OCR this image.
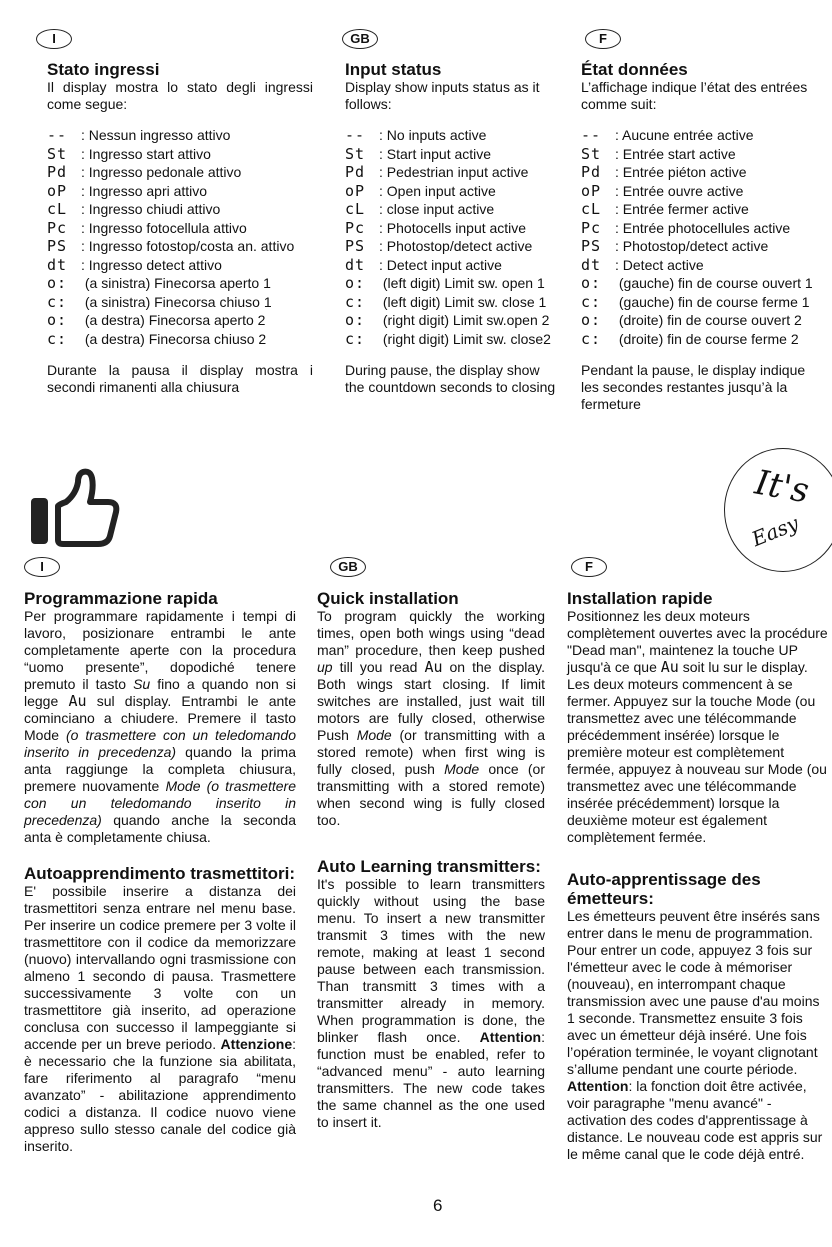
I

Stato ingressi

Il display mostra lo stato degli ingressi come segue:

-- : Nessun ingresso attivo
St : Ingresso start attivo
Pd : Ingresso pedonale attivo
oP : Ingresso apri attivo
cL : Ingresso chiudi attivo
Pc : Ingresso fotocellula attivo
PS : Ingresso fotostop/costa an. attivo
dt : Ingresso detect attivo
o: (a sinistra) Finecorsa aperto 1
c: (a sinistra) Finecorsa chiuso 1
o: (a destra) Finecorsa aperto 2
c: (a destra) Finecorsa chiuso 2

Durante la pausa il display mostra i secondi rimanenti alla chiusura

GB

Input status

Display show inputs status as it follows:

-- : No inputs active
St : Start input active
Pd : Pedestrian input active
oP : Open input active
cL : close input active
Pc : Photocells input active
PS : Photostop/detect active
dt : Detect input active
o: (left digit) Limit sw. open 1
c: (left digit) Limit sw. close 1
o: (right digit) Limit sw.open 2
c: (right digit) Limit sw. close2

During pause, the display show the countdown seconds to closing

F

État données

L’affichage indique l’état des entrées comme suit:

-- : Aucune entrée active
St : Entrée start active
Pd : Entrée piéton active
oP : Entrée ouvre active
cL : Entrée fermer active
Pc : Entrée photocellules active
PS : Photostop/detect active
dt : Detect active
o: (gauche) fin de course ouvert 1
c: (gauche) fin de course ferme 1
o: (droite) fin de course ouvert 2
c: (droite) fin de course ferme 2

Pendant la pause, le display indique les secondes restantes jusqu’à la fermeture

It's
Easy
I

Programmazione rapida

Per programmare rapidamente i tempi di lavoro, posizionare entrambi le ante completamente aperte con la procedura “uomo presente”, dopodiché tenere premuto il tasto Su fino a quando non si legge Au sul display. Entrambi le ante cominciano a chiudere. Premere il tasto Mode (o trasmettere con un teledomando inserito in precedenza) quando la prima anta raggiunge la completa chiusura, premere nuovamente Mode (o trasmettere con un teledomando inserito in precedenza) quando anche la seconda anta è completamente chiusa.

Autoapprendimento trasmettitori:

E' possibile inserire a distanza dei trasmettitori senza entrare nel menu base. Per inserire un codice premere per 3 volte il trasmettitore con il codice da memorizzare (nuovo) intervallando ogni trasmissione con almeno 1 secondo di pausa. Trasmettere successivamente 3 volte con un trasmettitore già inserito, ad operazione conclusa con successo il lampeggiante si accende per un breve periodo. Attenzione: è necessario che la funzione sia abilitata, fare riferimento al paragrafo “menu avanzato” - abilitazione apprendimento codici a distanza. Il codice nuovo viene appreso sullo stesso canale del codice già inserito.

GB

Quick installation

To program quickly the working times, open both wings using “dead man” procedure, then keep pushed up till you read Au on the display. Both wings start closing. If limit switches are installed, just wait till motors are fully closed, otherwise Push Mode (or transmitting with a stored remote) when first wing is fully closed, push Mode once (or transmitting with a stored remote) when second wing is fully closed too.

Auto Learning transmitters:

It's possible to learn transmitters quickly without using the base menu. To insert a new transmitter transmit 3 times with the new remote, making at least 1 second pause between each transmission. Than transmitt 3 times with a transmitter already in memory. When programmation is done, the blinker flash once. Attention: function must be enabled, refer to “advanced menu” - auto learning transmitters. The new code takes the same channel as the one used to insert it.

F

Installation rapide

Positionnez les deux moteurs complètement ouvertes avec la procédure "Dead man", maintenez la touche UP jusqu'à ce que Au soit lu sur le display. Les deux moteurs commencent à se fermer. Appuyez sur la touche Mode (ou transmettez avec une télécommande précédemment insérée) lorsque le première moteur est complètement fermée, appuyez à nouveau sur Mode (ou transmettez avec une télécommande insérée précédemment) lorsque la deuxième moteur est également complètement fermée.

Auto-apprentissage des émetteurs:

Les émetteurs peuvent être insérés sans entrer dans le menu de programmation. Pour entrer un code, appuyez 3 fois sur l'émetteur avec le code à mémoriser (nouveau), en interrompant chaque transmission avec une pause d'au moins 1 seconde. Transmettez ensuite 3 fois avec un émetteur déjà inséré. Une fois l’opération terminée, le voyant clignotant s’allume pendant une courte période. Attention: la fonction doit être activée, voir paragraphe "menu avancé" - activation des codes d'apprentissage à distance. Le nouveau code est appris sur le même canal que le code déjà entré.

6
